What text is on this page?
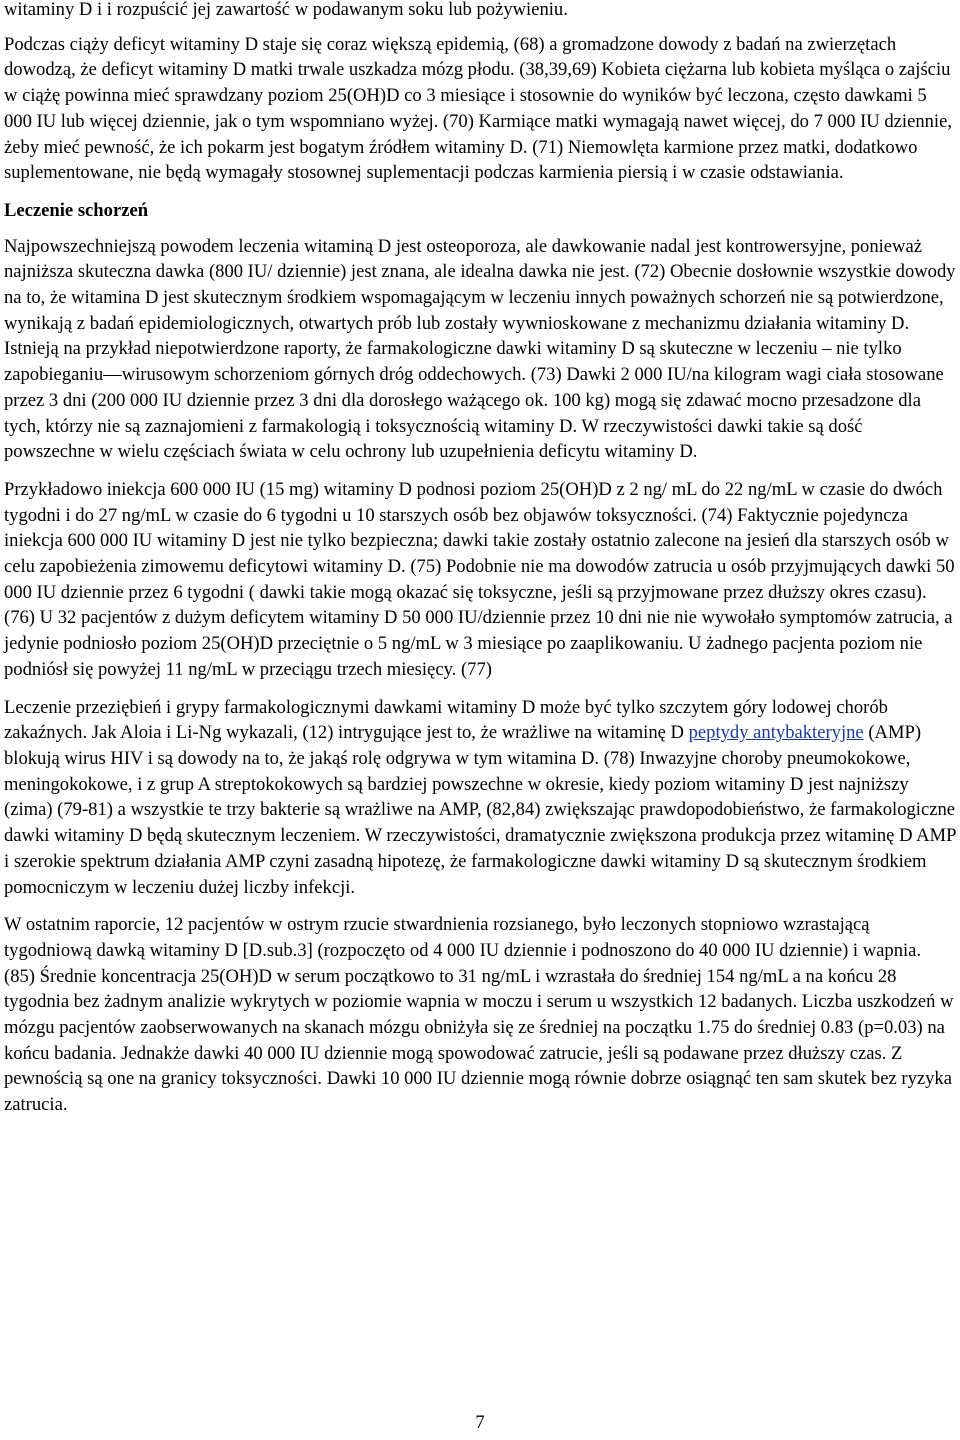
witaminy D i i rozpuścić jej zawartość w podawanym soku lub pożywieniu.

Podczas ciąży deficyt witaminy D staje się coraz większą epidemią, (68) a gromadzone dowody z badań na zwierzętach dowodzą, że deficyt witaminy D matki trwale uszkadza mózg płodu. (38,39,69) Kobieta ciężarna lub kobieta myśląca o zajściu w ciążę powinna mieć sprawdzany poziom 25(OH)D co 3 miesiące i stosownie do wyników być leczona, często dawkami 5 000 IU lub więcej dziennie, jak o tym wspomniano wyżej. (70) Karmiące matki wymagają nawet więcej, do 7 000 IU dziennie, żeby mieć pewność, że ich pokarm jest bogatym źródłem witaminy D. (71) Niemowlęta karmione przez matki, dodatkowo suplementowane, nie będą wymagały stosownej suplementacji podczas karmienia piersią i w czasie odstawiania.

Leczenie schorzeń

Najpowszechniejszą powodem leczenia witaminą D jest osteoporoza, ale dawkowanie nadal jest kontrowersyjne, ponieważ najniższa skuteczna dawka (800 IU/ dziennie) jest znana, ale idealna dawka nie jest. (72) Obecnie dosłownie wszystkie dowody na to, że witamina D jest skutecznym środkiem wspomagającym w leczeniu innych poważnych schorzeń nie są potwierdzone, wynikają z badań epidemiologicznych, otwartych prób lub zostały wywnioskowane z mechanizmu działania witaminy D. Istnieją na przykład niepotwierdzone raporty, że farmakologiczne dawki witaminy D są skuteczne w leczeniu – nie tylko zapobieganiu—wirusowym schorzeniom górnych dróg oddechowych. (73) Dawki 2 000 IU/na kilogram wagi ciała stosowane przez 3 dni (200 000 IU dziennie przez 3 dni dla dorosłego ważącego ok. 100 kg) mogą się zdawać mocno przesadzone dla tych, którzy nie są zaznajomieni z farmakologią i toksycznością witaminy D. W rzeczywistości dawki takie są dość powszechne w wielu częściach świata w celu ochrony lub uzupełnienia deficytu witaminy D.

Przykładowo iniekcja 600 000 IU (15 mg) witaminy D podnosi poziom 25(OH)D z 2 ng/ mL do 22 ng/mL w czasie do dwóch tygodni i do 27 ng/mL w czasie do 6 tygodni u 10 starszych osób bez objawów toksyczności. (74) Faktycznie pojedyncza iniekcja 600 000 IU witaminy D jest nie tylko bezpieczna; dawki takie zostały ostatnio zalecone na jesień dla starszych osób w celu zapobieżenia zimowemu deficytowi witaminy D. (75) Podobnie nie ma dowodów zatrucia u osób przyjmujących dawki 50 000 IU dziennie przez 6 tygodni ( dawki takie mogą okazać się toksyczne, jeśli są przyjmowane przez dłuższy okres czasu). (76) U 32 pacjentów z dużym deficytem witaminy D 50 000 IU/dziennie przez 10 dni nie nie wywołało symptomów zatrucia, a jedynie podniosło poziom 25(OH)D przeciętnie o 5 ng/mL w 3 miesiące po zaaplikowaniu. U żadnego pacjenta poziom nie podniósł się powyżej 11 ng/mL w przeciągu trzech miesięcy. (77)

Leczenie przeziębień i grypy farmakologicznymi dawkami witaminy D może być tylko szczytem góry lodowej chorób zakaźnych. Jak Aloia i Li-Ng wykazali, (12) intrygujące jest to, że wrażliwe na witaminę D peptydy antybakteryjne (AMP) blokują wirus HIV i są dowody na to, że jakąś rolę odgrywa w tym witamina D. (78) Inwazyjne choroby pneumokokowe, meningokokowe, i z grup A streptokokowych są bardziej powszechne w okresie, kiedy poziom witaminy D jest najniższy (zima) (79-81) a wszystkie te trzy bakterie są wrażliwe na AMP, (82,84) zwiększając prawdopodobieństwo, że farmakologiczne dawki witaminy D będą skutecznym leczeniem. W rzeczywistości, dramatycznie zwiększona produkcja przez witaminę D AMP i szerokie spektrum działania AMP czyni zasadną hipotezę, że farmakologiczne dawki witaminy D są skutecznym środkiem pomocniczym w leczeniu dużej liczby infekcji.

W ostatnim raporcie, 12 pacjentów w ostrym rzucie stwardnienia rozsianego, było leczonych stopniowo wzrastającą tygodniową dawką witaminy D [D.sub.3] (rozpoczęto od 4 000 IU dziennie i podnoszono do 40 000 IU dziennie) i wapnia. (85) Średnie koncentracja 25(OH)D w serum początkowo to 31 ng/mL i wzrastała do średniej 154 ng/mL a na końcu 28 tygodnia bez żadnym analizie wykrytych w poziomie wapnia w moczu i serum u wszystkich 12 badanych. Liczba uszkodzeń w mózgu pacjentów zaobserwowanych na skanach mózgu obniżyła się ze średniej na początku 1.75 do średniej 0.83 (p=0.03) na końcu badania. Jednakże dawki 40 000 IU dziennie mogą spowodować zatrucie, jeśli są podawane przez dłuższy czas. Z pewnością są one na granicy toksyczności. Dawki 10 000 IU dziennie mogą równie dobrze osiągnąć ten sam skutek bez ryzyka zatrucia.

7
